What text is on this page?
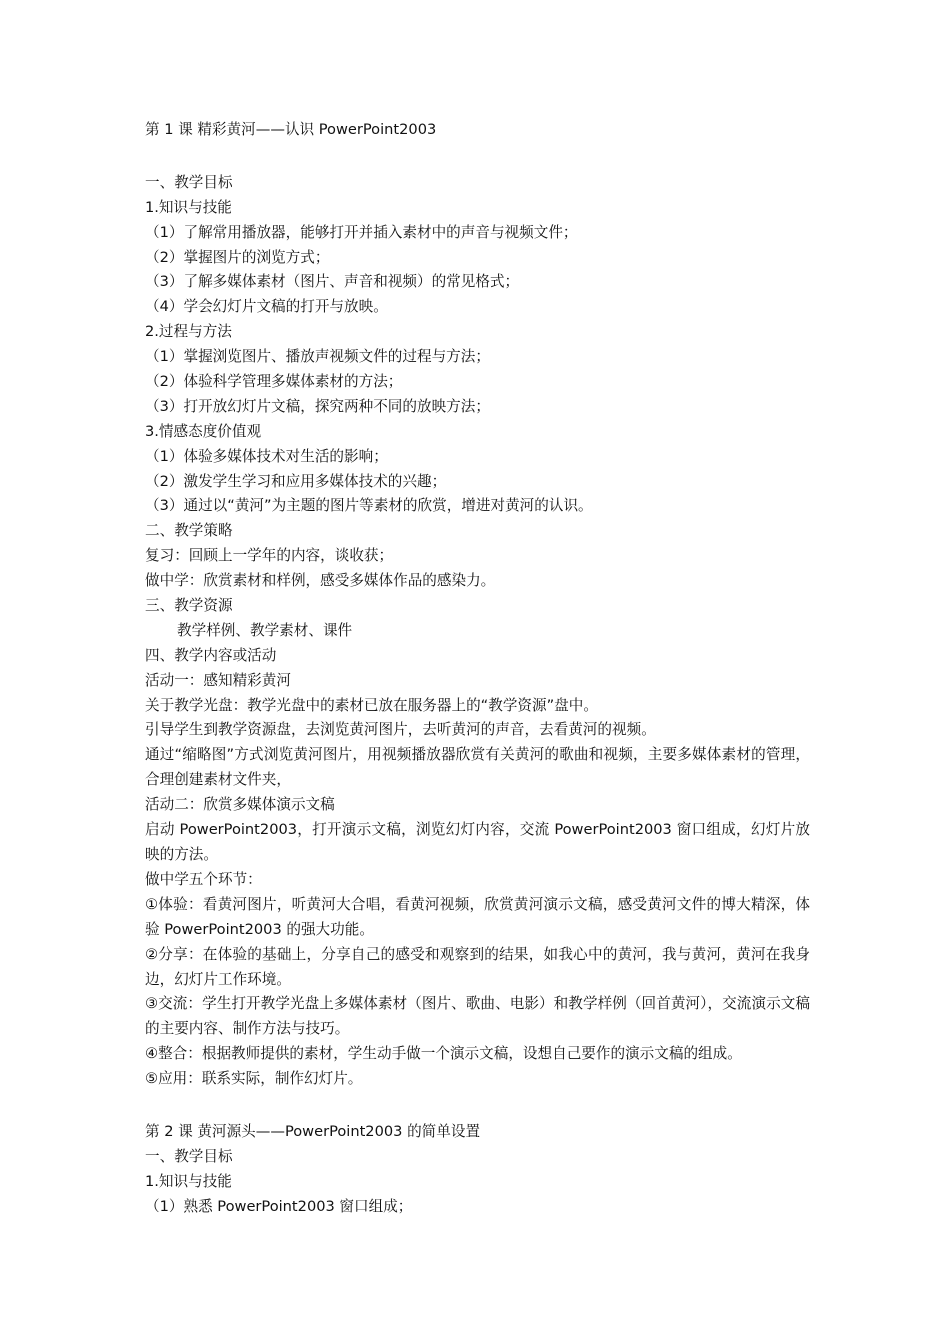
第 1 课 精彩黄河——认识 PowerPoint2003
一、教学目标
1.知识与技能
（1）了解常用播放器，能够打开并插入素材中的声音与视频文件；
（2）掌握图片的浏览方式；
（3）了解多媒体素材（图片、声音和视频）的常见格式；
（4）学会幻灯片文稿的打开与放映。
2.过程与方法
（1）掌握浏览图片、播放声视频文件的过程与方法；
（2）体验科学管理多媒体素材的方法；
（3）打开放幻灯片文稿，探究两种不同的放映方法；
3.情感态度价值观
（1）体验多媒体技术对生活的影响；
（2）激发学生学习和应用多媒体技术的兴趣；
（3）通过以“黄河”为主题的图片等素材的欣赏，增进对黄河的认识。
二、教学策略
复习：回顾上一学年的内容，谈收获；
做中学：欣赏素材和样例，感受多媒体作品的感染力。
三、教学资源
教学样例、教学素材、课件
四、教学内容或活动
活动一：感知精彩黄河
关于教学光盘：教学光盘中的素材已放在服务器上的“教学资源”盘中。
引导学生到教学资源盘，去浏览黄河图片，去听黄河的声音，去看黄河的视频。
通过“缩略图”方式浏览黄河图片，用视频播放器欣赏有关黄河的歌曲和视频，主要多媒体素材的管理，合理创建素材文件夹，
活动二：欣赏多媒体演示文稿
启动 PowerPoint2003，打开演示文稿，浏览幻灯内容，交流 PowerPoint2003 窗口组成，幻灯片放映的方法。
做中学五个环节：
①体验：看黄河图片，听黄河大合唱，看黄河视频，欣赏黄河演示文稿，感受黄河文件的博大精深，体验 PowerPoint2003 的强大功能。
②分享：在体验的基础上，分享自己的感受和观察到的结果，如我心中的黄河，我与黄河，黄河在我身边，幻灯片工作环境。
③交流：学生打开教学光盘上多媒体素材（图片、歌曲、电影）和教学样例（回首黄河），交流演示文稿的主要内容、制作方法与技巧。
④整合：根据教师提供的素材，学生动手做一个演示文稿，设想自己要作的演示文稿的组成。
⑤应用：联系实际，制作幻灯片。
第 2 课 黄河源头——PowerPoint2003 的简单设置
一、教学目标
1.知识与技能
（1）熟悉 PowerPoint2003 窗口组成；
